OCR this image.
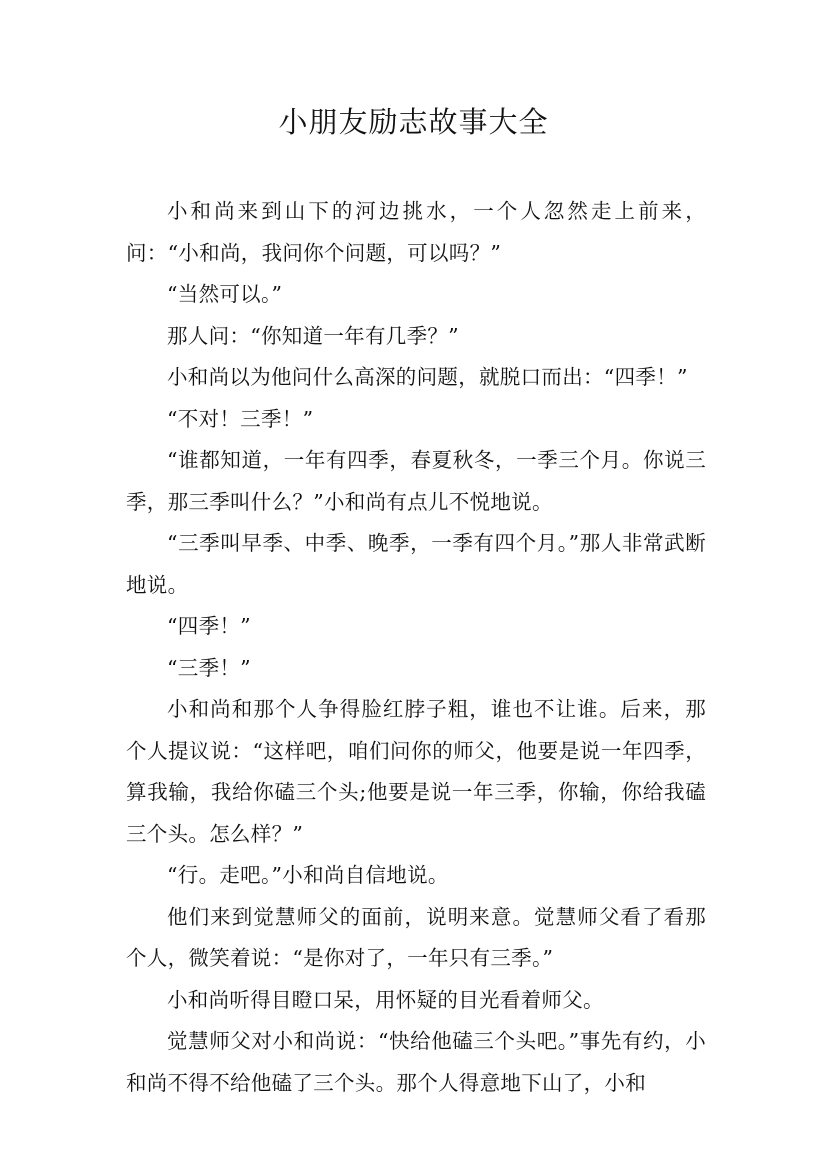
小朋友励志故事大全

小和尚来到山下的河边挑水，一个人忽然走上前来，问：“小和尚，我问你个问题，可以吗？”

“当然可以。”

那人问：“你知道一年有几季？”

小和尚以为他问什么高深的问题，就脱口而出：“四季！”

“不对！三季！”

“谁都知道，一年有四季，春夏秋冬，一季三个月。你说三季，那三季叫什么？”小和尚有点儿不悦地说。

“三季叫早季、中季、晚季，一季有四个月。”那人非常武断地说。

“四季！”

“三季！”

小和尚和那个人争得脸红脖子粗，谁也不让谁。后来，那个人提议说：“这样吧，咱们问你的师父，他要是说一年四季，算我输，我给你磕三个头;他要是说一年三季，你输，你给我磕三个头。怎么样？”

“行。走吧。”小和尚自信地说。

他们来到觉慧师父的面前，说明来意。觉慧师父看了看那个人，微笑着说：“是你对了，一年只有三季。”

小和尚听得目瞪口呆，用怀疑的目光看着师父。

觉慧师父对小和尚说：“快给他磕三个头吧。”事先有约，小和尚不得不给他磕了三个头。那个人得意地下山了，小和
